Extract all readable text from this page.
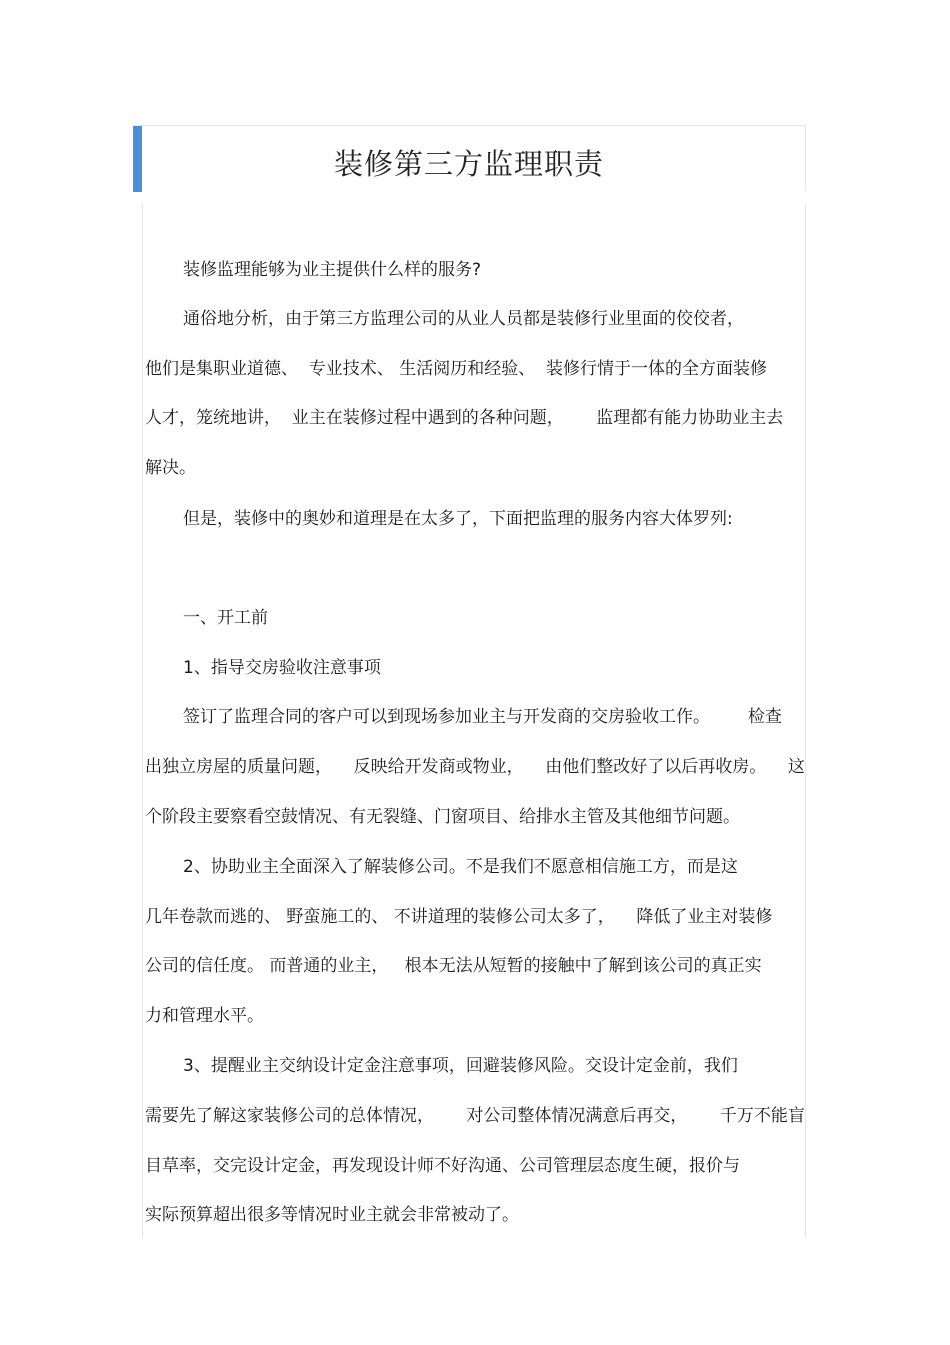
装修第三方监理职责
装修监理能够为业主提供什么样的服务?
通俗地分析，由于第三方监理公司的从业人员都是装修行业里面的佼佼者，
他们是集职业道德、  专业技术、 生活阅历和经验、  装修行情于一体的全方面装修
人才，笼统地讲，  业主在装修过程中遇到的各种问题，      监理都有能力协助业主去
解决。
但是，装修中的奥妙和道理是在太多了，下面把监理的服务内容大体罗列:
一、开工前
1、指导交房验收注意事项
签订了监理合同的客户可以到现场参加业主与开发商的交房验收工作。       检查
出独立房屋的质量问题，    反映给开发商或物业，    由他们整改好了以后再收房。    这
个阶段主要察看空鼓情况、有无裂缝、门窗项目、给排水主管及其他细节问题。
2、协助业主全面深入了解装修公司。不是我们不愿意相信施工方，而是这
几年卷款而逃的、 野蛮施工的、 不讲道理的装修公司太多了，    降低了业主对装修
公司的信任度。 而普通的业主，   根本无法从短暂的接触中了解到该公司的真正实
力和管理水平。
3、提醒业主交纳设计定金注意事项，回避装修风险。交设计定金前，我们
需要先了解这家装修公司的总体情况，      对公司整体情况满意后再交，      千万不能盲
目草率，交完设计定金，再发现设计师不好沟通、公司管理层态度生硬，报价与
实际预算超出很多等情况时业主就会非常被动了。
